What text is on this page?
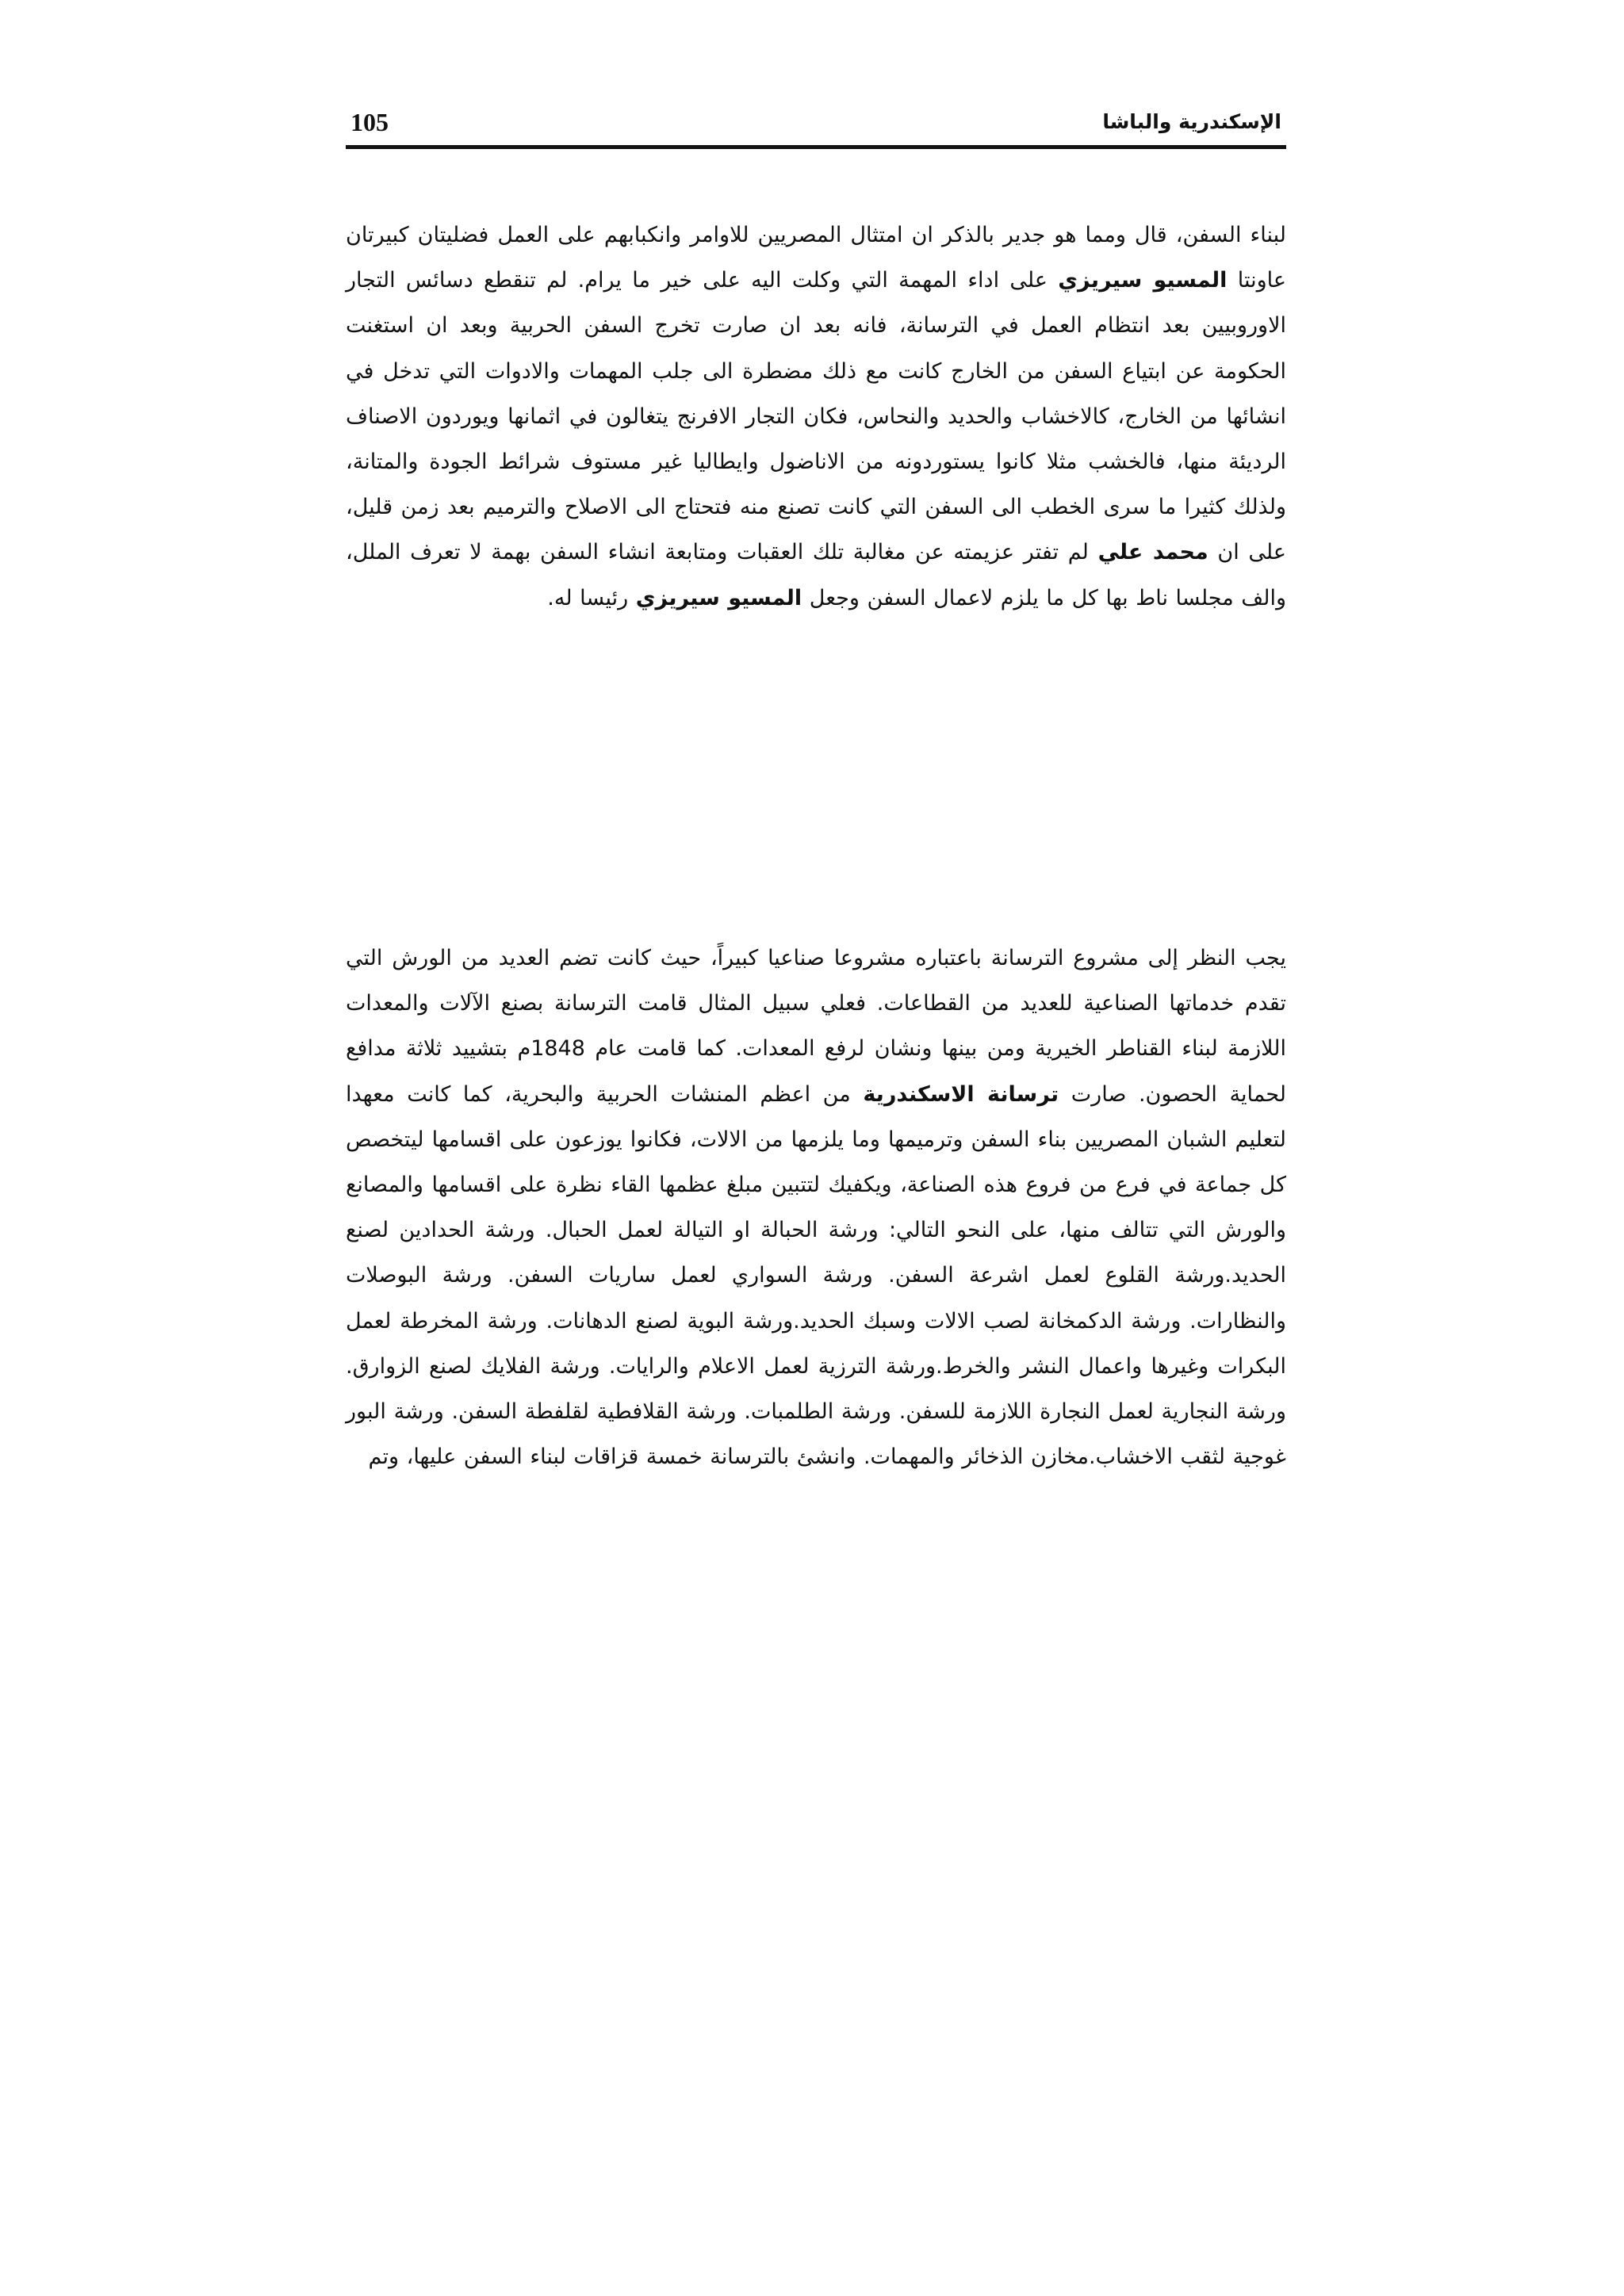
105	الإسكندرية والباشا

لبناء السفن، قال ومما هو جدير بالذكر ان امتثال المصريين للاوامر وانكبابهم على العمل فضليتان كبيرتان عاونتا المسيو سيريزي على اداء المهمة التي وكلت اليه على خير ما يرام. لم تنقطع دسائس التجار الاوروبيين بعد انتظام العمل في الترسانة، فانه بعد ان صارت تخرج السفن الحربية وبعد ان استغنت الحكومة عن ابتياع السفن من الخارج كانت مع ذلك مضطرة الى جلب المهمات والادوات التي تدخل في انشائها من الخارج، كالاخشاب والحديد والنحاس، فكان التجار الافرنج يتغالون في اثمانها ويوردون الاصناف الرديئة منها، فالخشب مثلا كانوا يستوردونه من الاناضول وايطاليا غير مستوف شرائط الجودة والمتانة، ولذلك كثيرا ما سرى الخطب الى السفن التي كانت تصنع منه فتحتاج الى الاصلاح والترميم بعد زمن قليل، على ان محمد علي لم تفتر عزيمته عن مغالبة تلك العقبات ومتابعة انشاء السفن بهمة لا تعرف الملل، والف مجلسا ناط بها كل ما يلزم لاعمال السفن وجعل المسيو سيريزي رئيسا له.

يجب النظر إلى مشروع الترسانة باعتباره مشروعا صناعيا كبيراً، حيث كانت تضم العديد من الورش التي تقدم خدماتها الصناعية للعديد من القطاعات. فعلي سبيل المثال قامت الترسانة بصنع الآلات والمعدات اللازمة لبناء القناطر الخيرية ومن بينها ونشان لرفع المعدات. كما قامت عام 1848م بتشييد ثلاثة مدافع لحماية الحصون. صارت ترسانة الاسكندرية من اعظم المنشات الحربية والبحرية، كما كانت معهدا لتعليم الشبان المصريين بناء السفن وترميمها وما يلزمها من الالات، فكانوا يوزعون على اقسامها ليتخصص كل جماعة في فرع من فروع هذه الصناعة، ويكفيك لتتبين مبلغ عظمها القاء نظرة على اقسامها والمصانع والورش التي تتالف منها، على النحو التالي: ورشة الحبالة او التيالة لعمل الحبال. ورشة الحدادين لصنع الحديد.ورشة القلوع لعمل اشرعة السفن. ورشة السواري لعمل ساريات السفن. ورشة البوصلات والنظارات. ورشة الدكمخانة لصب الالات وسبك الحديد.ورشة البوية لصنع الدهانات. ورشة المخرطة لعمل البكرات وغيرها واعمال النشر والخرط.ورشة الترزية لعمل الاعلام والرايات. ورشة الفلايك لصنع الزوارق. ورشة النجارية لعمل النجارة اللازمة للسفن. ورشة الطلمبات. ورشة القلافطية لقلفطة السفن. ورشة البور غوجية لثقب الاخشاب.مخازن الذخائر والمهمات. وانشئ بالترسانة خمسة قزاقات لبناء السفن عليها، وتم
